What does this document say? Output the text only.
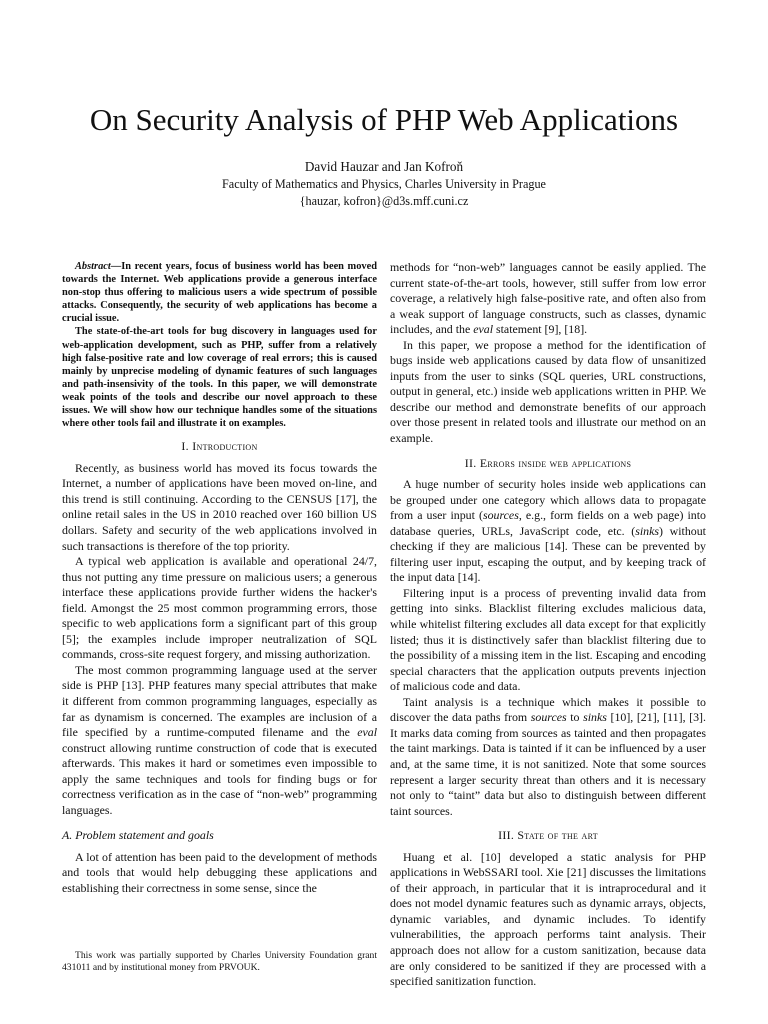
On Security Analysis of PHP Web Applications
David Hauzar and Jan Kofroň
Faculty of Mathematics and Physics, Charles University in Prague
{hauzar, kofron}@d3s.mff.cuni.cz

Abstract—In recent years, focus of business world has been moved towards the Internet. Web applications provide a generous interface non-stop thus offering to malicious users a wide spectrum of possible attacks. Consequently, the security of web applications has become a crucial issue.

The state-of-the-art tools for bug discovery in languages used for web-application development, such as PHP, suffer from a relatively high false-positive rate and low coverage of real errors; this is caused mainly by unprecise modeling of dynamic features of such languages and path-insensivity of the tools. In this paper, we will demonstrate weak points of the tools and describe our novel approach to these issues. We will show how our technique handles some of the situations where other tools fail and illustrate it on examples.

I. Introduction

Recently, as business world has moved its focus towards the Internet, a number of applications have been moved on-line, and this trend is still continuing. According to the CENSUS [17], the online retail sales in the US in 2010 reached over 160 billion US dollars. Safety and security of the web applications involved in such transactions is therefore of the top priority.

A typical web application is available and operational 24/7, thus not putting any time pressure on malicious users; a generous interface these applications provide further widens the hacker's field. Amongst the 25 most common programming errors, those specific to web applications form a significant part of this group [5]; the examples include improper neutralization of SQL commands, cross-site request forgery, and missing authorization.

The most common programming language used at the server side is PHP [13]. PHP features many special attributes that make it different from common programming languages, especially as far as dynamism is concerned. The examples are inclusion of a file specified by a runtime-computed filename and the eval construct allowing runtime construction of code that is executed afterwards. This makes it hard or sometimes even impossible to apply the same techniques and tools for finding bugs or for correctness verification as in the case of “non-web” programming languages.

A. Problem statement and goals

A lot of attention has been paid to the development of methods and tools that would help debugging these applications and establishing their correctness in some sense, since the

This work was partially supported by Charles University Foundation grant 431011 and by institutional money from PRVOUK.

methods for “non-web” languages cannot be easily applied. The current state-of-the-art tools, however, still suffer from low error coverage, a relatively high false-positive rate, and often also from a weak support of language constructs, such as classes, dynamic includes, and the eval statement [9], [18].

In this paper, we propose a method for the identification of bugs inside web applications caused by data flow of unsanitized inputs from the user to sinks (SQL queries, URL constructions, output in general, etc.) inside web applications written in PHP. We describe our method and demonstrate benefits of our approach over those present in related tools and illustrate our method on an example.

II. Errors inside web applications

A huge number of security holes inside web applications can be grouped under one category which allows data to propagate from a user input (sources, e.g., form fields on a web page) into database queries, URLs, JavaScript code, etc. (sinks) without checking if they are malicious [14]. These can be prevented by filtering user input, escaping the output, and by keeping track of the input data [14].

Filtering input is a process of preventing invalid data from getting into sinks. Blacklist filtering excludes malicious data, while whitelist filtering excludes all data except for that explicitly listed; thus it is distinctively safer than blacklist filtering due to the possibility of a missing item in the list. Escaping and encoding special characters that the application outputs prevents injection of malicious code and data.

Taint analysis is a technique which makes it possible to discover the data paths from sources to sinks [10], [21], [11], [3]. It marks data coming from sources as tainted and then propagates the taint markings. Data is tainted if it can be influenced by a user and, at the same time, it is not sanitized. Note that some sources represent a larger security threat than others and it is necessary not only to “taint” data but also to distinguish between different taint sources.

III. State of the art

Huang et al. [10] developed a static analysis for PHP applications in WebSSARI tool. Xie [21] discusses the limitations of their approach, in particular that it is intraprocedural and it does not model dynamic features such as dynamic arrays, objects, dynamic variables, and dynamic includes. To identify vulnerabilities, the approach performs taint analysis. Their approach does not allow for a custom sanitization, because data are only considered to be sanitized if they are processed with a specified sanitization function.
